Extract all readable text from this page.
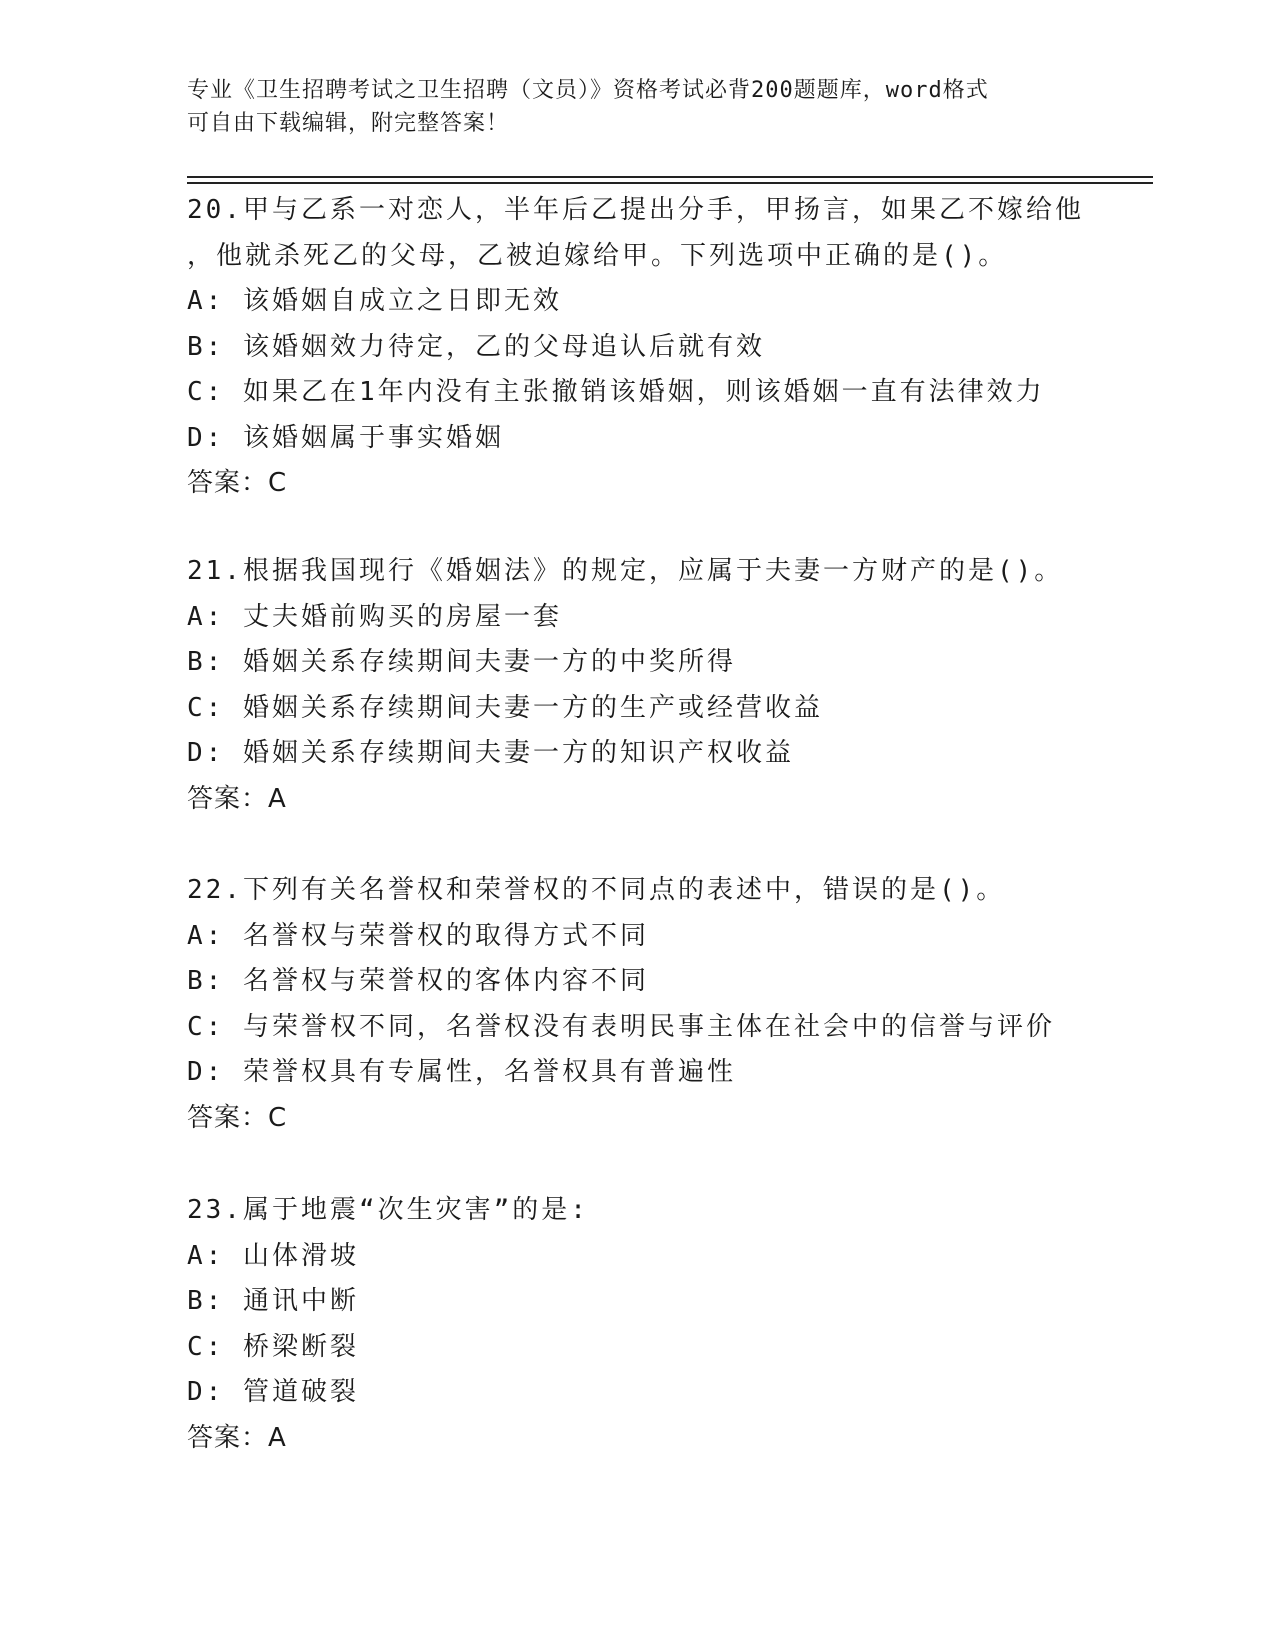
专业《卫生招聘考试之卫生招聘（文员）》资格考试必背200题题库，word格式
可自由下载编辑，附完整答案！
20.甲与乙系一对恋人，半年后乙提出分手，甲扬言，如果乙不嫁给他
，他就杀死乙的父母，乙被迫嫁给甲。下列选项中正确的是()。
A: 该婚姻自成立之日即无效
B: 该婚姻效力待定，乙的父母追认后就有效
C: 如果乙在1年内没有主张撤销该婚姻，则该婚姻一直有法律效力
D: 该婚姻属于事实婚姻
答案：C
21.根据我国现行《婚姻法》的规定，应属于夫妻一方财产的是()。
A: 丈夫婚前购买的房屋一套
B: 婚姻关系存续期间夫妻一方的中奖所得
C: 婚姻关系存续期间夫妻一方的生产或经营收益
D: 婚姻关系存续期间夫妻一方的知识产权收益
答案：A
22.下列有关名誉权和荣誉权的不同点的表述中，错误的是()。
A: 名誉权与荣誉权的取得方式不同
B: 名誉权与荣誉权的客体内容不同
C: 与荣誉权不同，名誉权没有表明民事主体在社会中的信誉与评价
D: 荣誉权具有专属性，名誉权具有普遍性
答案：C
23.属于地震“次生灾害”的是:
A: 山体滑坡
B: 通讯中断
C: 桥梁断裂
D: 管道破裂
答案：A
